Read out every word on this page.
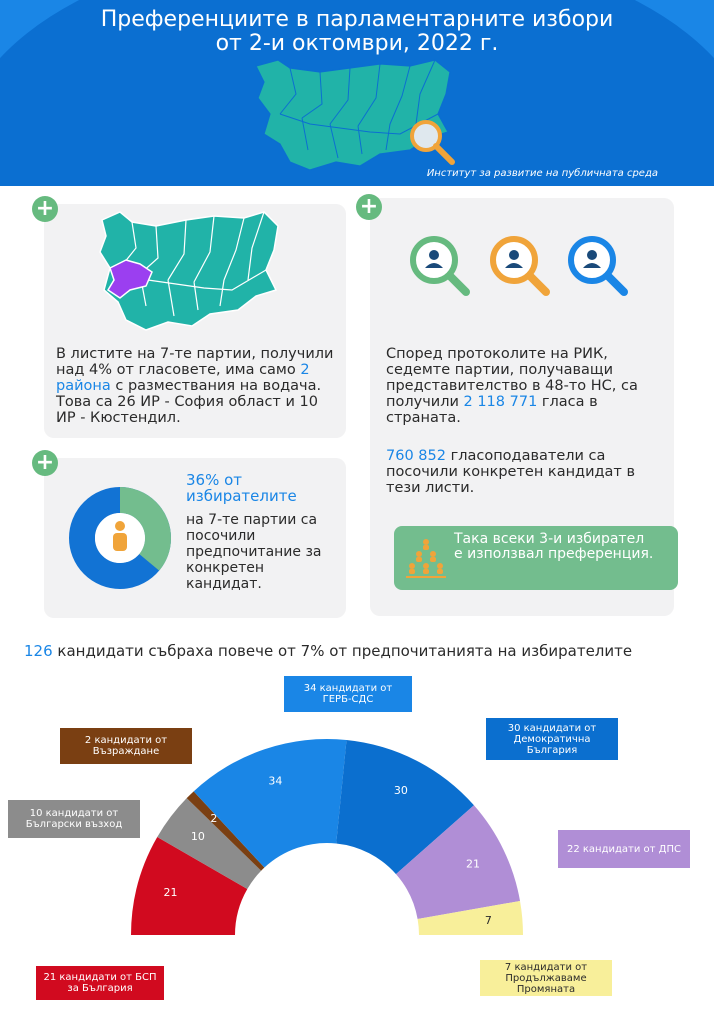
Преференциите в парламентарните избори
от 2-и октомври, 2022 г.
Институт за развитие на публичната среда
+
В листите на 7-те партии, получили над 4% от гласовете, има само 2 района с размествания на водача. Това са 26 ИР - София област и 10 ИР - Кюстендил.
+
Според протоколите на РИК, седемте партии, получаващи представителство в 48-то НС, са получили 2 118 771 гласа в страната.
760 852 гласоподаватели са посочили конкретен кандидат в тези листи.
Така всеки 3-и избирател е използвал преференция.
+
36% от избирателите
на 7-те партии са посочили предпочитание за конкретен кандидат.
126 кандидати събраха повече от 7% от предпочитанията на избирателите
21
10
2
34
30
21
7
21 кандидати от БСП за България
10 кандидати от Български възход
2 кандидати от Възраждане
34 кандидати от ГЕРБ-СДС
30 кандидати от Демократична България
22 кандидати от ДПС
7 кандидати от Продължаваме Промяната
